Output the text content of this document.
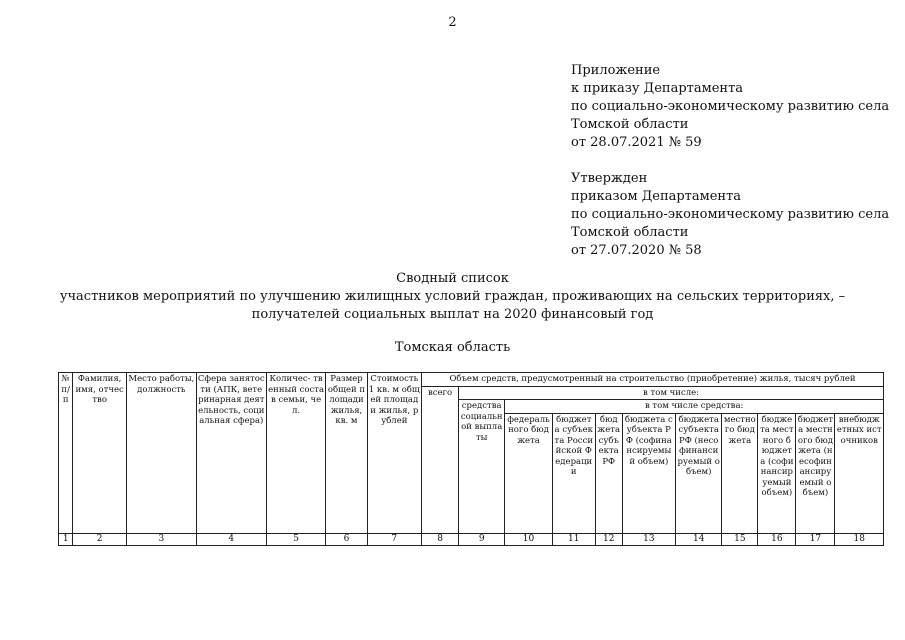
2
Приложение
к приказу Департамента
по социально-экономическому развитию села
Томской области
от 28.07.2021 № 59
Утвержден
приказом Департамента
по социально-экономическому развитию села
Томской области
от 27.07.2020 № 58
Сводный список
участников мероприятий по улучшению жилищных условий граждан, проживающих на сельских территориях, –
получателей социальных выплат на 2020 финансовый год
Томская область
№ п/ п	Фамилия, имя, отчество	Место работы, должность	Сфера занятости (АПК, ветеринарная деятельность, социальная сфера)	Количес- твенный состав семьи, чел.	Размер общей площади жилья, кв. м	Стоимость 1 кв. м общей площади жилья, рублей	Объем средств, предусмотренный на строительство (приобретение) жилья, тысяч рублей										
							всего	в том числе:									
								средства социальной выплаты	в том числе средства:								
									федерального бюджета	бюджета субъекта Российской Федерации	бюджета субъекта РФ	бюджета субъекта РФ (софинансируемый объем)	бюджета субъекта РФ (несофинансируемый объем)	местного бюджета	бюджета местного бюджета (софинансируемый объем)	бюджета местного бюджета (несофинансируемый объем)	внебюджетных источников
1	2	3	4	5	6	7	8	9	10	11	12	13	14	15	16	17	18
